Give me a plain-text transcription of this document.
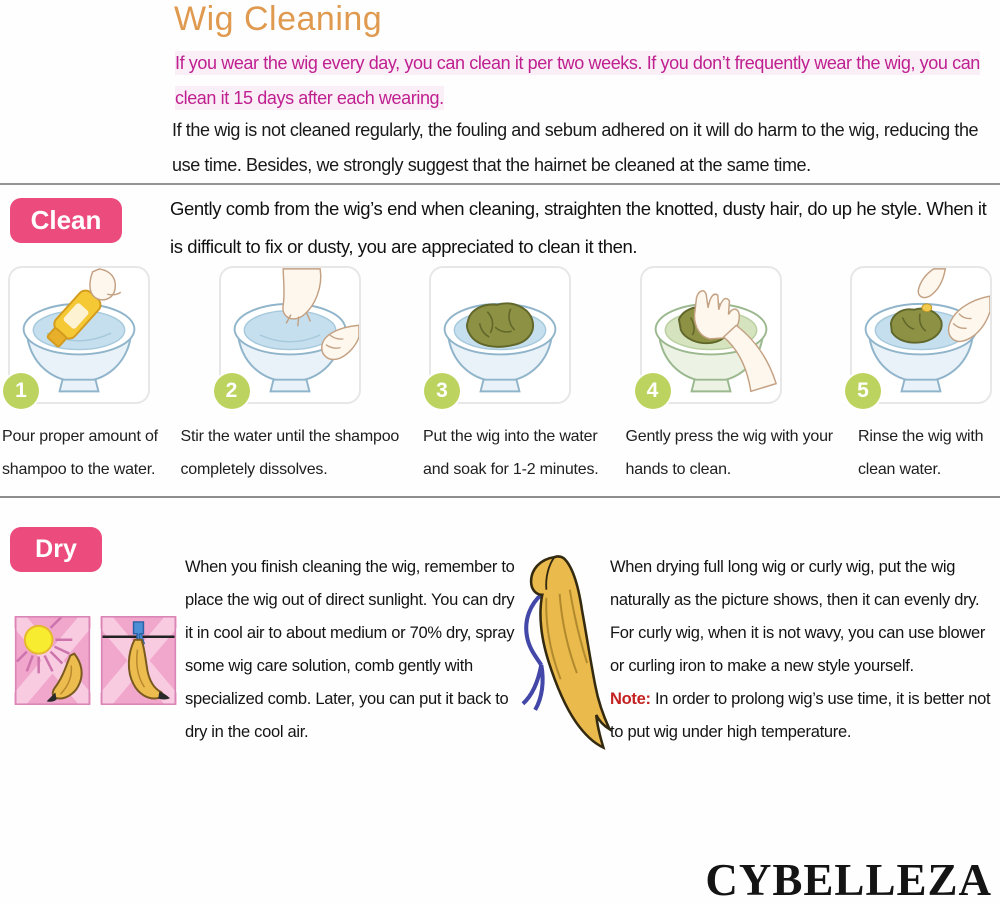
Wig Cleaning
If you wear the wig every day, you can clean it per two weeks. If you don’t frequently wear the wig, you can clean it 15 days after each wearing.
If the wig is not cleaned regularly, the fouling and sebum adhered on it will do harm to the wig, reducing the use time. Besides, we strongly suggest that the hairnet be cleaned at the same time.
Clean	Gently comb from the wig’s end when cleaning, straighten the knotted, dusty hair, do up he style. When it is difficult to fix or dusty, you are appreciated to clean it then.
1	2	3	4	5
Pour proper amount of shampoo to the water.
Stir the water until the shampoo completely dissolves.
Put the wig into the water and soak for 1-2 minutes.
Gently press the wig with your hands to clean.
Rinse the wig with clean water.
Dry
When you finish cleaning the wig, remember to place the wig out of direct sunlight. You can dry it in cool air to about medium or 70% dry, spray some wig care solution, comb gently with specialized comb. Later, you can put it back to dry in the cool air.
When drying full long wig or curly wig, put the wig naturally as the picture shows, then it can evenly dry. For curly wig, when it is not wavy, you can use blower or curling iron to make a new style yourself.
Note: In order to prolong wig’s use time, it is better not to put wig under high temperature.
CYBELLEZA
